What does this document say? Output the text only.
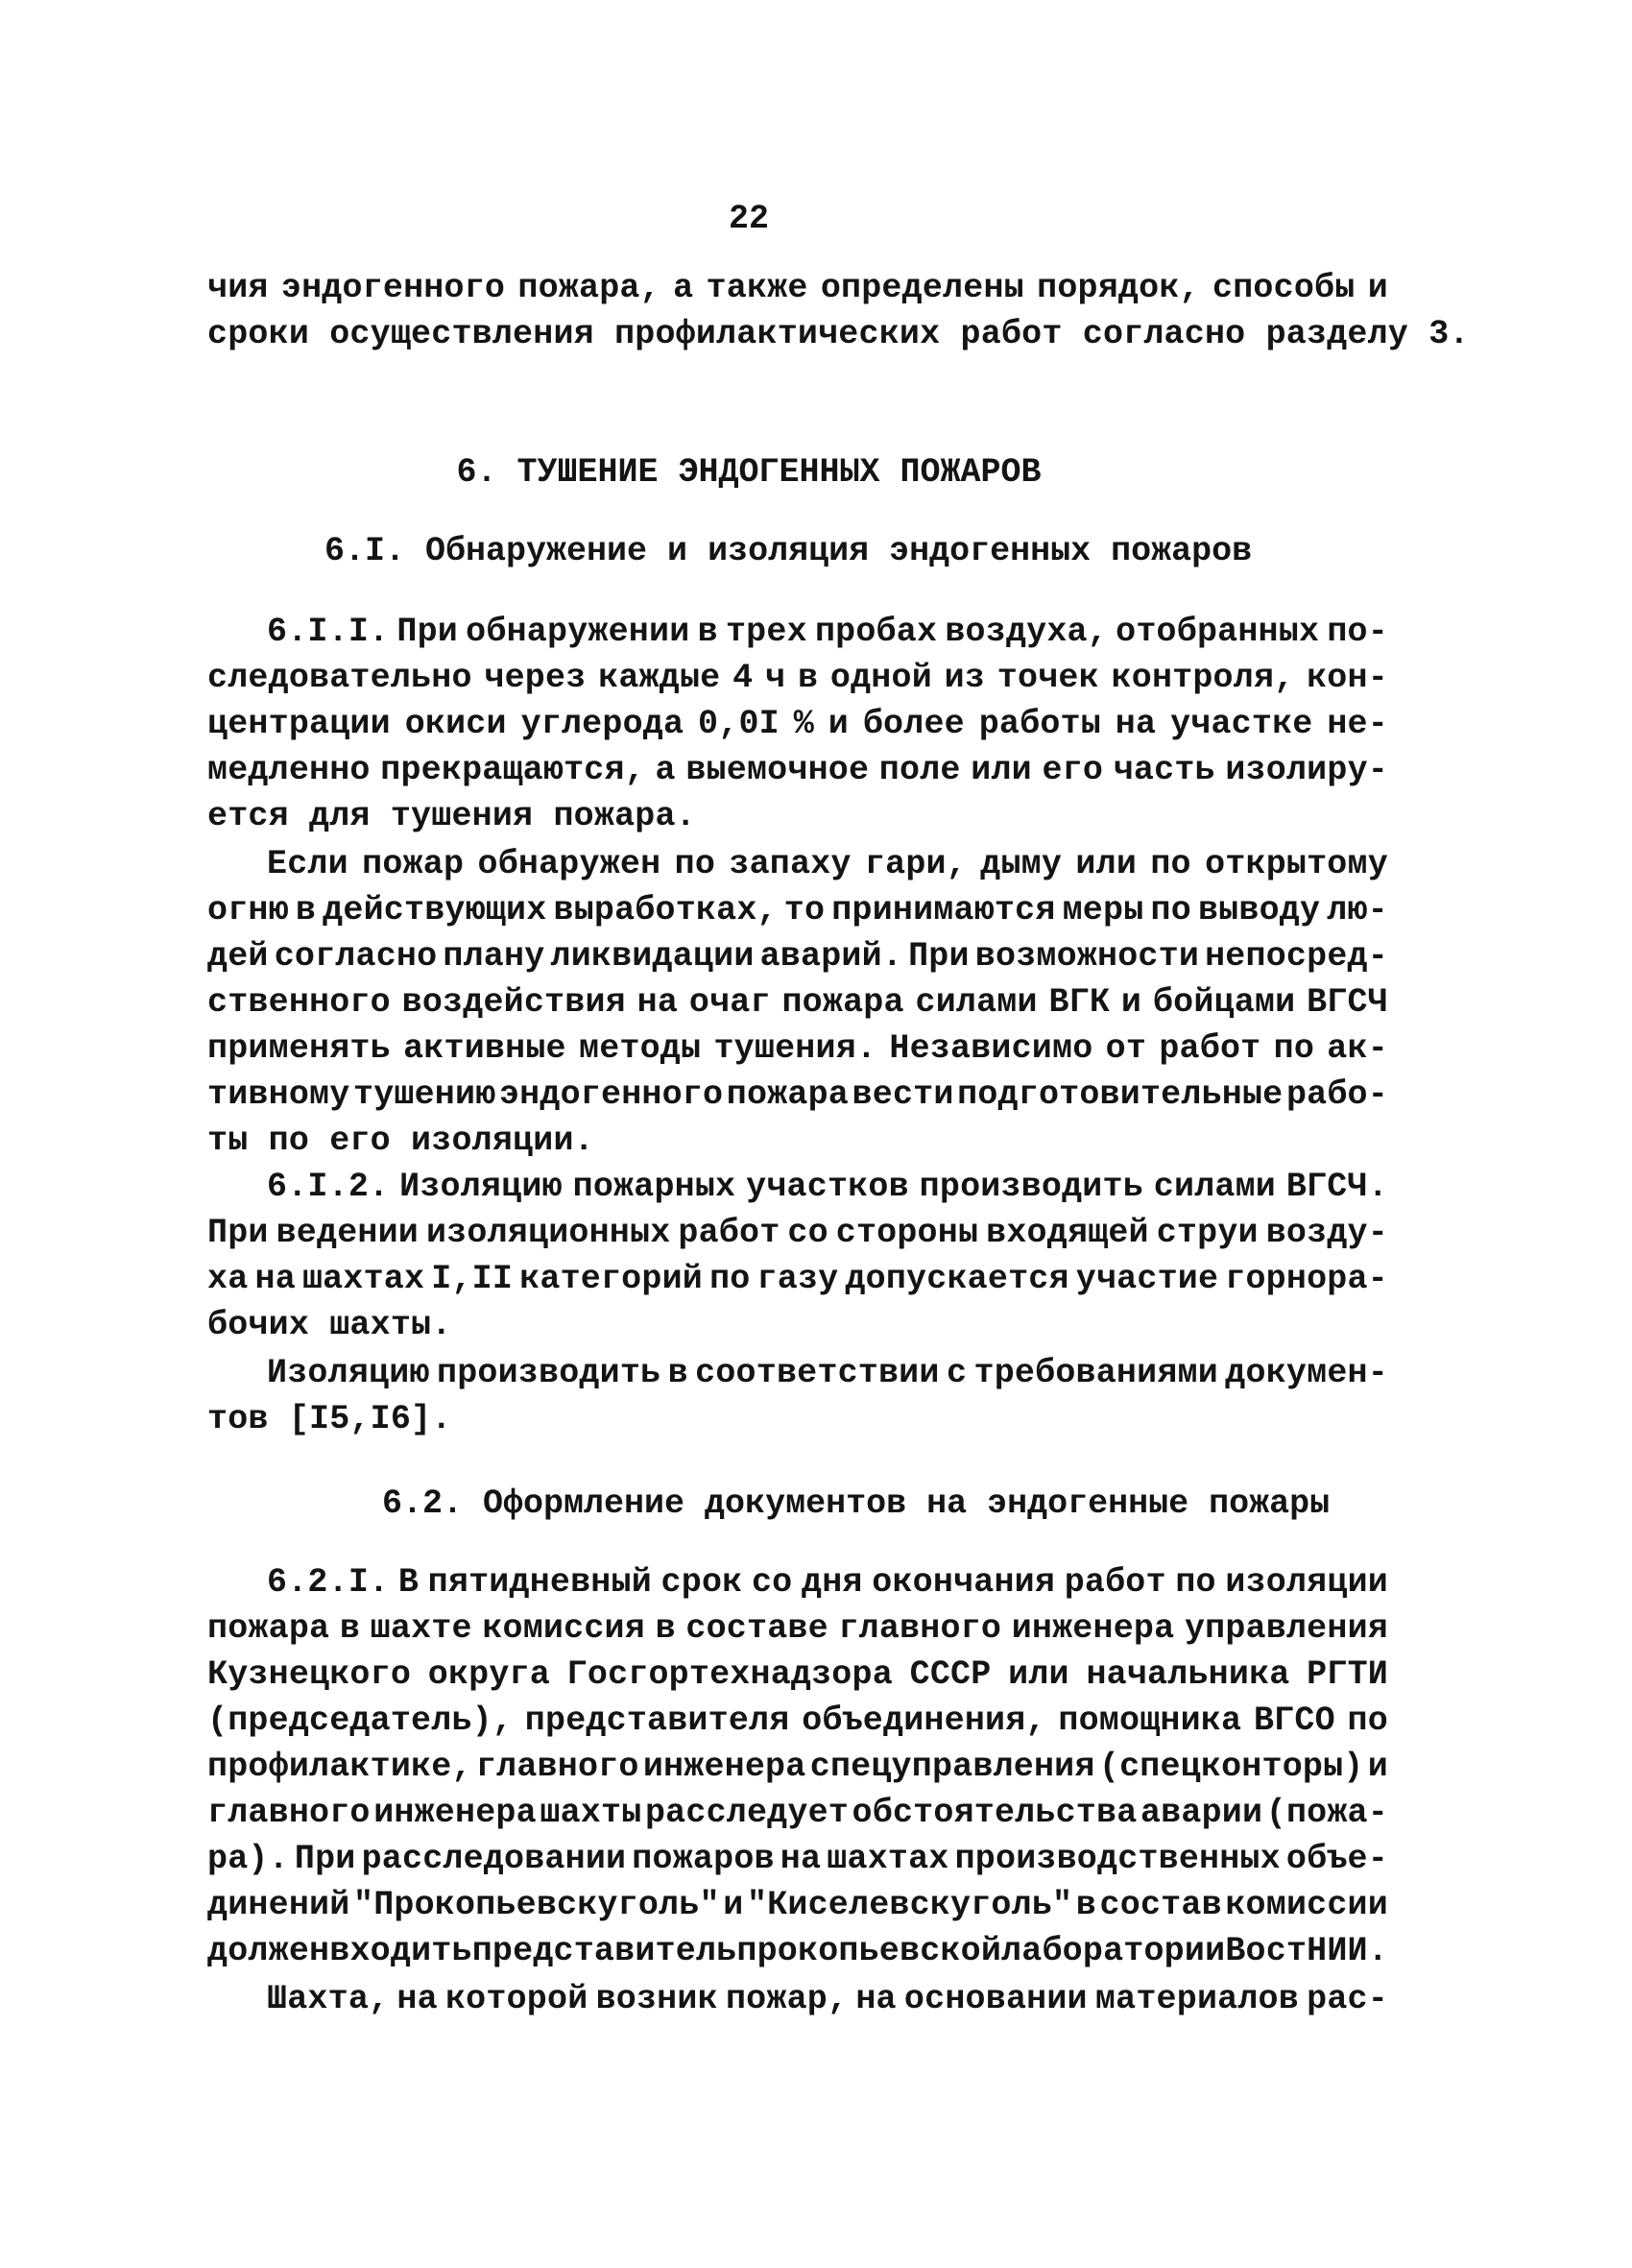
22
чия эндогенного пожара, а также определены порядок, способы и
сроки осуществления профилактических работ согласно разделу 3.
6. ТУШЕНИЕ ЭНДОГЕННЫХ ПОЖАРОВ
6.I. Обнаружение и изоляция эндогенных пожаров
6.I.I. При обнаружении в трех пробах воздуха, отобранных по-
следовательно через каждые 4 ч в одной из точек контроля, кон-
центрации окиси углерода 0,0I % и более работы на участке не-
медленно прекращаются, а выемочное поле или его часть изолиру-
ется для тушения пожара.
Если пожар обнаружен по запаху гари, дыму или по открытому
огню в действующих выработках, то принимаются меры по выводу лю-
дей согласно плану ликвидации аварий. При возможности непосред-
ственного воздействия на очаг пожара силами ВГК и бойцами ВГСЧ
применять активные методы тушения. Независимо от работ по ак-
тивному тушению эндогенного пожара вести подготовительные рабо-
ты по его изоляции.
6.I.2. Изоляцию пожарных участков производить силами ВГСЧ.
При ведении изоляционных работ со стороны входящей струи возду-
ха на шахтах I,II категорий по газу допускается участие горнора-
бочих шахты.
Изоляцию производить в соответствии с требованиями докумен-
тов [I5,I6].
6.2. Оформление документов на эндогенные пожары
6.2.I. В пятидневный срок со дня окончания работ по изоляции
пожара в шахте комиссия в составе главного инженера управления
Кузнецкого округа Госгортехнадзора СССР или начальника РГТИ
(председатель), представителя объединения, помощника ВГСО по
профилактике, главного инженера спецуправления (спецконторы) и
главного инженера шахты расследует обстоятельства аварии (пожа-
ра). При расследовании пожаров на шахтах производственных объе-
динений "Прокопьевскуголь" и "Киселевскуголь" в состав комиссии
должен входить представитель прокопьевской лаборатории ВостНИИ.
Шахта, на которой возник пожар, на основании материалов рас-
